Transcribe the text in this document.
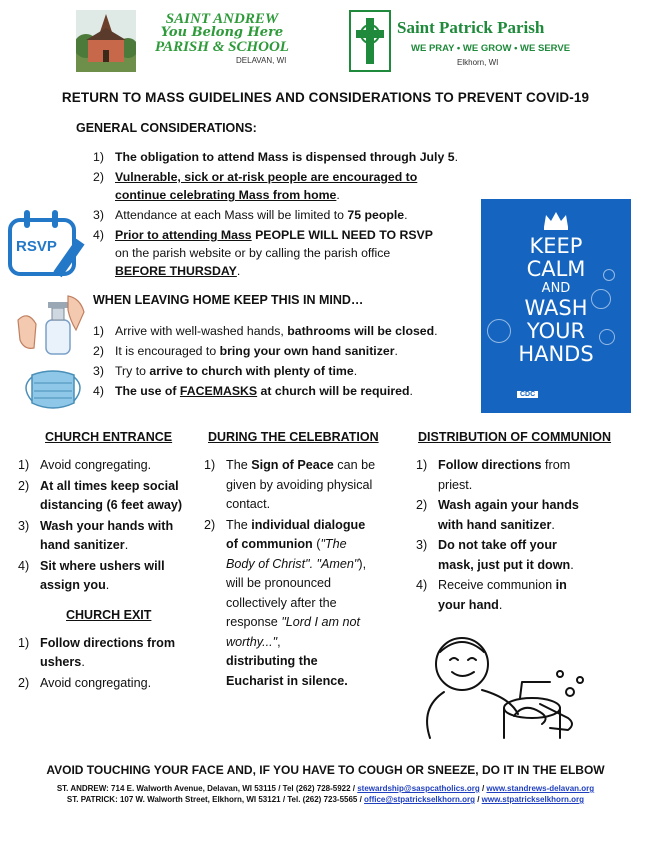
SAINT ANDREW
You Belong Here
PARISH & SCHOOL
DELAVAN, WI
Saint Patrick Parish
WE PRAY • WE GROW • WE SERVE
Elkhorn, WI
RETURN TO MASS GUIDELINES AND CONSIDERATIONS TO PREVENT COVID-19
GENERAL CONSIDERATIONS:
1) The obligation to attend Mass is dispensed through July 5.
2) Vulnerable, sick or at-risk people are encouraged to continue celebrating Mass from home.
3) Attendance at each Mass will be limited to 75 people.
4) Prior to attending Mass PEOPLE WILL NEED TO RSVP
on the parish website or by calling the parish office
BEFORE THURSDAY.
RSVP
WHEN LEAVING HOME KEEP THIS IN MIND…
1) Arrive with well-washed hands, bathrooms will be closed.
2) It is encouraged to bring your own hand sanitizer.
3) Try to arrive to church with plenty of time.
4) The use of FACEMASKS at church will be required.
KEEP
CALM
AND
WASH
YOUR
HANDS
CDC
CHURCH ENTRANCE
1) Avoid congregating.
2) At all times keep social distancing (6 feet away)
3) Wash your hands with hand sanitizer.
4) Sit where ushers will assign you.
CHURCH EXIT
1) Follow directions from ushers.
2) Avoid congregating.
DURING THE CELEBRATION
1) The Sign of Peace can be given by avoiding physical contact.
2) The individual dialogue of communion ("The Body of Christ". "Amen"), will be pronounced collectively after the response "Lord I am not worthy...",
distributing the Eucharist in silence.
DISTRIBUTION OF COMMUNION
1) Follow directions from priest.
2) Wash again your hands with hand sanitizer.
3) Do not take off your mask, just put it down.
4) Receive communion in your hand.
AVOID TOUCHING YOUR FACE AND, IF YOU HAVE TO COUGH OR SNEEZE, DO IT IN THE ELBOW
ST. ANDREW: 714 E. Walworth Avenue, Delavan, WI 53115 / Tel (262) 728-5922 / stewardship@saspcatholics.org / www.standrews-delavan.org
ST. PATRICK: 107 W. Walworth Street, Elkhorn, WI 53121 / Tel. (262) 723-5565 / office@stpatrickselkhorn.org / www.stpatrickselkhorn.org
